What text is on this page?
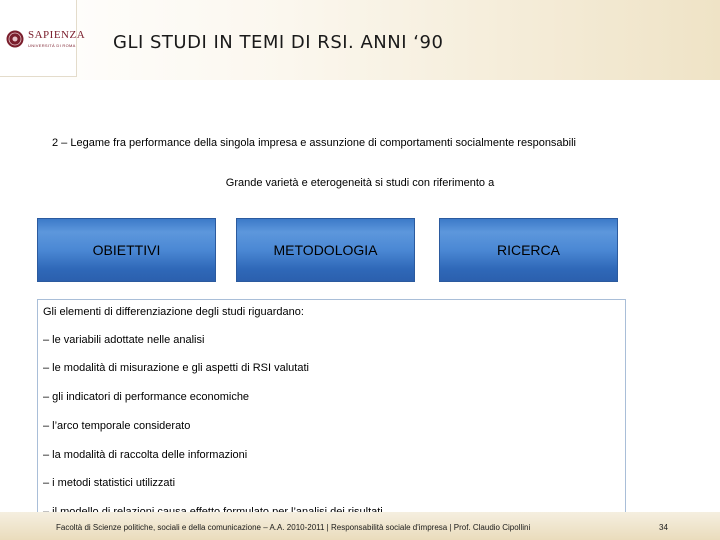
SAPIENZA
UNIVERSITÀ DI ROMA GLI STUDI IN TEMI DI RSI. ANNI ‘90
2 – Legame fra performance della singola impresa e assunzione di comportamenti socialmente responsabili
Grande varietà e eterogeneità si studi con riferimento a
OBIETTIVI	METODOLOGIA	RICERCA

Gli elementi di differenziazione degli studi riguardano:

– le variabili adottate nelle analisi

– le modalità di misurazione e gli aspetti di RSI valutati

– gli indicatori di performance economiche

– l’arco temporale considerato

– la modalità di raccolta delle informazioni

– i metodi statistici utilizzati

Facoltà di Scienze politiche, sociali e della comunicazione – A.A. 2010-2011 | Responsabilità sociale d'impresa | Prof. Claudio Cipollini	34
